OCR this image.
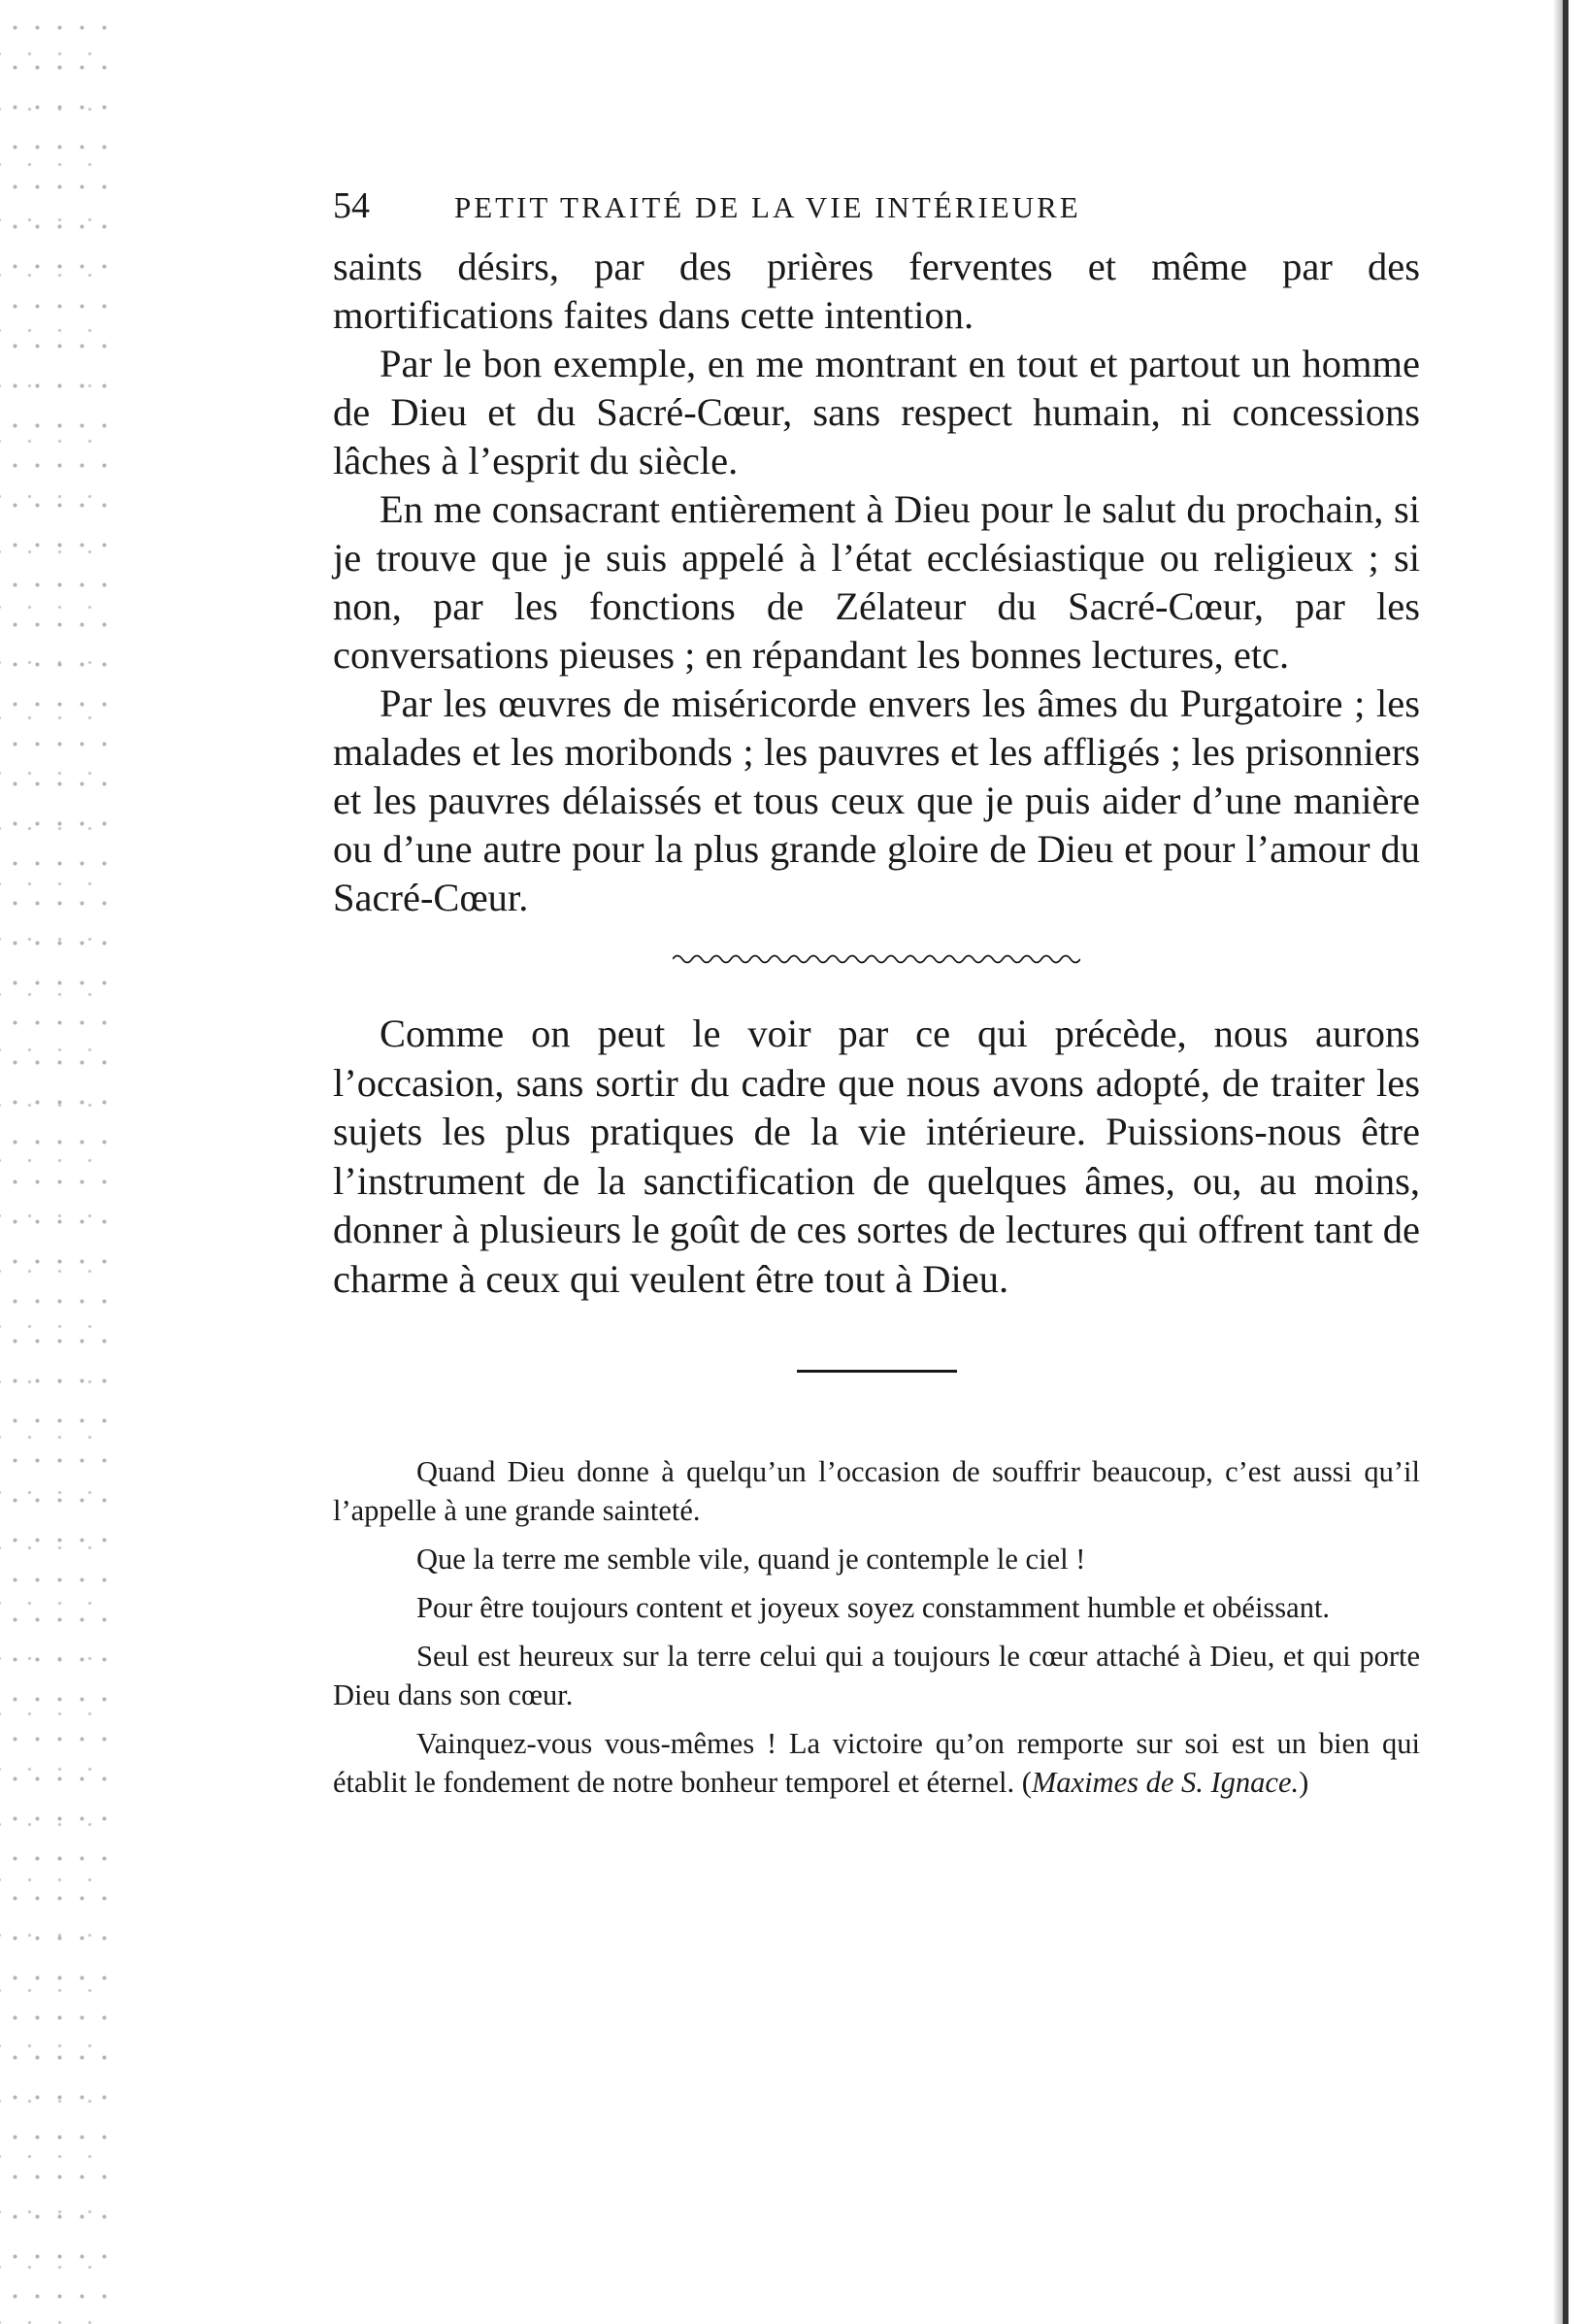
54	PETIT TRAITÉ DE LA VIE INTÉRIEURE

saints désirs, par des prières ferventes et même par des mortifications faites dans cette intention.

Par le bon exemple, en me montrant en tout et partout un homme de Dieu et du Sacré-Cœur, sans respect humain, ni concessions lâches à l’esprit du siècle.

En me consacrant entièrement à Dieu pour le salut du prochain, si je trouve que je suis appelé à l’état ecclésiastique ou religieux ; si non, par les fonctions de Zélateur du Sacré-Cœur, par les conversations pieuses ; en répandant les bonnes lectures, etc.

Par les œuvres de miséricorde envers les âmes du Purgatoire ; les malades et les moribonds ; les pauvres et les affligés ; les prisonniers et les pauvres délaissés et tous ceux que je puis aider d’une manière ou d’une autre pour la plus grande gloire de Dieu et pour l’amour du Sacré-Cœur.

Comme on peut le voir par ce qui précède, nous aurons l’occasion, sans sortir du cadre que nous avons adopté, de traiter les sujets les plus pratiques de la vie intérieure. Puissions-nous être l’instrument de la sanctification de quelques âmes, ou, au moins, donner à plusieurs le goût de ces sortes de lectures qui offrent tant de charme à ceux qui veulent être tout à Dieu.

Quand Dieu donne à quelqu’un l’occasion de souffrir beaucoup, c’est aussi qu’il l’appelle à une grande sainteté.

Que la terre me semble vile, quand je contemple le ciel !

Pour être toujours content et joyeux soyez constamment humble et obéissant.

Seul est heureux sur la terre celui qui a toujours le cœur attaché à Dieu, et qui porte Dieu dans son cœur.

Vainquez-vous vous-mêmes ! La victoire qu’on remporte sur soi est un bien qui établit le fondement de notre bonheur temporel et éternel. (Maximes de S. Ignace.)
